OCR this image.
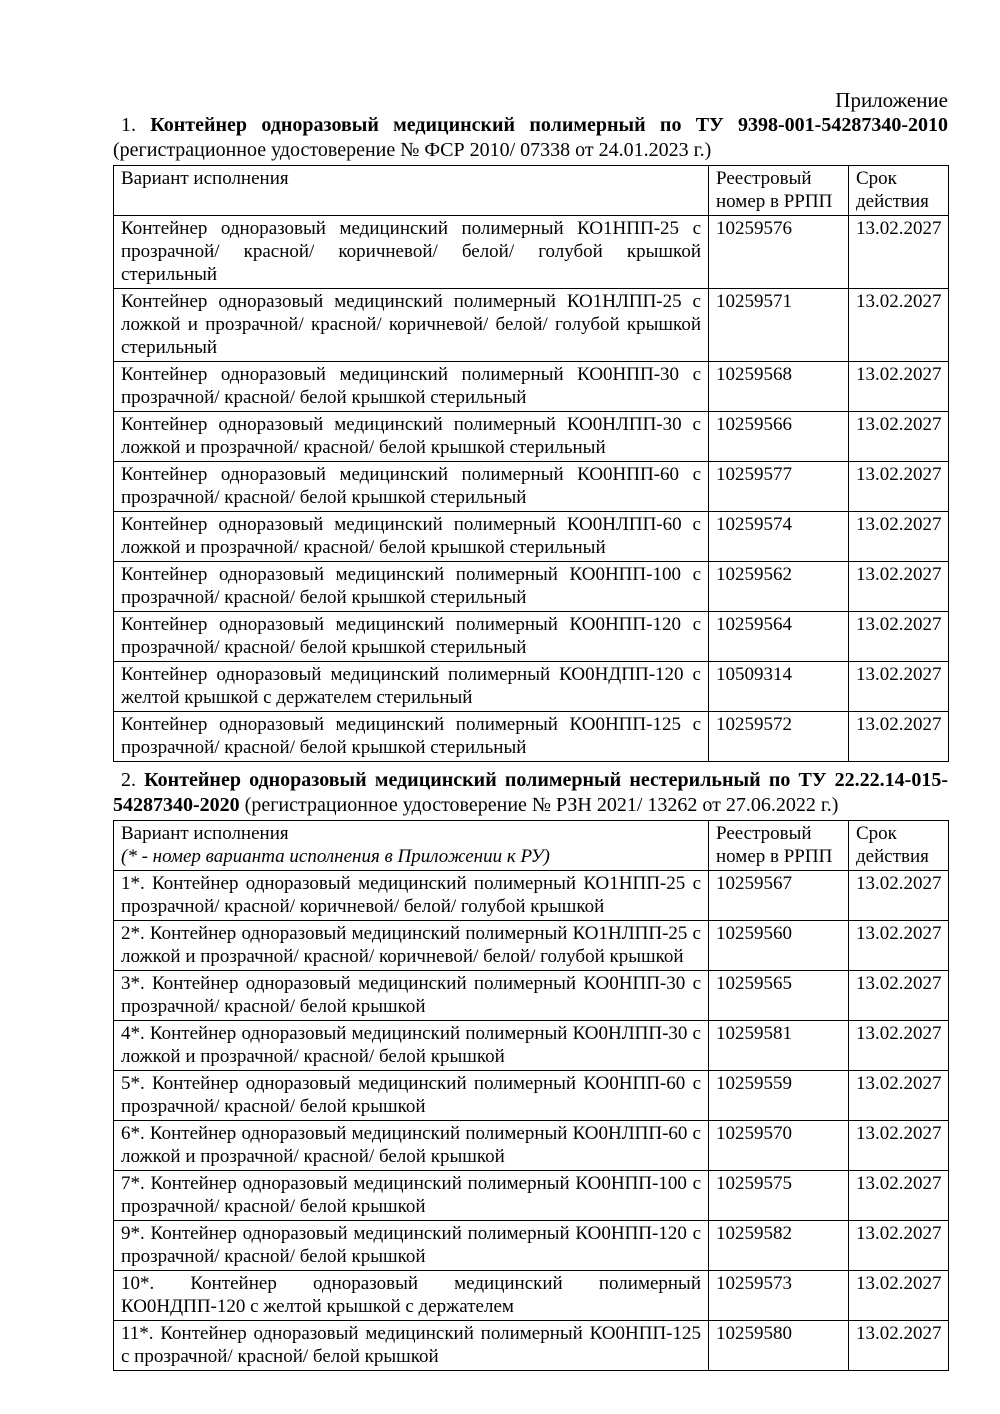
Приложение
1. Контейнер одноразовый медицинский полимерный по ТУ 9398-001-54287340-2010
(регистрационное удостоверение № ФСР 2010/ 07338 от 24.01.2023 г.)
Вариант исполнения	Реестровый номер в РРПП	Срок действия
Контейнер одноразовый медицинский полимерный КО1НПП-25 с прозрачной/ красной/ коричневой/ белой/ голубой крышкой стерильный	10259576	13.02.2027
Контейнер одноразовый медицинский полимерный КО1НЛПП-25 с ложкой и прозрачной/ красной/ коричневой/ белой/ голубой крышкой стерильный	10259571	13.02.2027
Контейнер одноразовый медицинский полимерный КО0НПП-30 с прозрачной/ красной/ белой крышкой стерильный	10259568	13.02.2027
Контейнер одноразовый медицинский полимерный КО0НЛПП-30 с ложкой и прозрачной/ красной/ белой крышкой стерильный	10259566	13.02.2027
Контейнер одноразовый медицинский полимерный КО0НПП-60 с прозрачной/ красной/ белой крышкой стерильный	10259577	13.02.2027
Контейнер одноразовый медицинский полимерный КО0НЛПП-60 с ложкой и прозрачной/ красной/ белой крышкой стерильный	10259574	13.02.2027
Контейнер одноразовый медицинский полимерный КО0НПП-100 с прозрачной/ красной/ белой крышкой стерильный	10259562	13.02.2027
Контейнер одноразовый медицинский полимерный КО0НПП-120 с прозрачной/ красной/ белой крышкой стерильный	10259564	13.02.2027
Контейнер одноразовый медицинский полимерный КО0НДПП-120 с желтой крышкой с держателем стерильный	10509314	13.02.2027
Контейнер одноразовый медицинский полимерный КО0НПП-125 с прозрачной/ красной/ белой крышкой стерильный	10259572	13.02.2027
2. Контейнер одноразовый медицинский полимерный нестерильный по ТУ 22.22.14-015-
54287340-2020 (регистрационное удостоверение № РЗН 2021/ 13262 от 27.06.2022 г.)
Вариант исполнения
(* - номер варианта исполнения в Приложении к РУ)	Реестровый номер в РРПП	Срок действия
1*. Контейнер одноразовый медицинский полимерный КО1НПП-25 с прозрачной/ красной/ коричневой/ белой/ голубой крышкой	10259567	13.02.2027
2*. Контейнер одноразовый медицинский полимерный КО1НЛПП-25 с ложкой и прозрачной/ красной/ коричневой/ белой/ голубой крышкой	10259560	13.02.2027
3*. Контейнер одноразовый медицинский полимерный КО0НПП-30 с прозрачной/ красной/ белой крышкой	10259565	13.02.2027
4*. Контейнер одноразовый медицинский полимерный КО0НЛПП-30 с ложкой и прозрачной/ красной/ белой крышкой	10259581	13.02.2027
5*. Контейнер одноразовый медицинский полимерный КО0НПП-60 с прозрачной/ красной/ белой крышкой	10259559	13.02.2027
6*. Контейнер одноразовый медицинский полимерный КО0НЛПП-60 с ложкой и прозрачной/ красной/ белой крышкой	10259570	13.02.2027
7*. Контейнер одноразовый медицинский полимерный КО0НПП-100 с прозрачной/ красной/ белой крышкой	10259575	13.02.2027
9*. Контейнер одноразовый медицинский полимерный КО0НПП-120 с прозрачной/ красной/ белой крышкой	10259582	13.02.2027
10*. Контейнер одноразовый медицинский полимерный КО0НДПП-120 с желтой крышкой с держателем	10259573	13.02.2027
11*. Контейнер одноразовый медицинский полимерный КО0НПП-125 с прозрачной/ красной/ белой крышкой	10259580	13.02.2027
